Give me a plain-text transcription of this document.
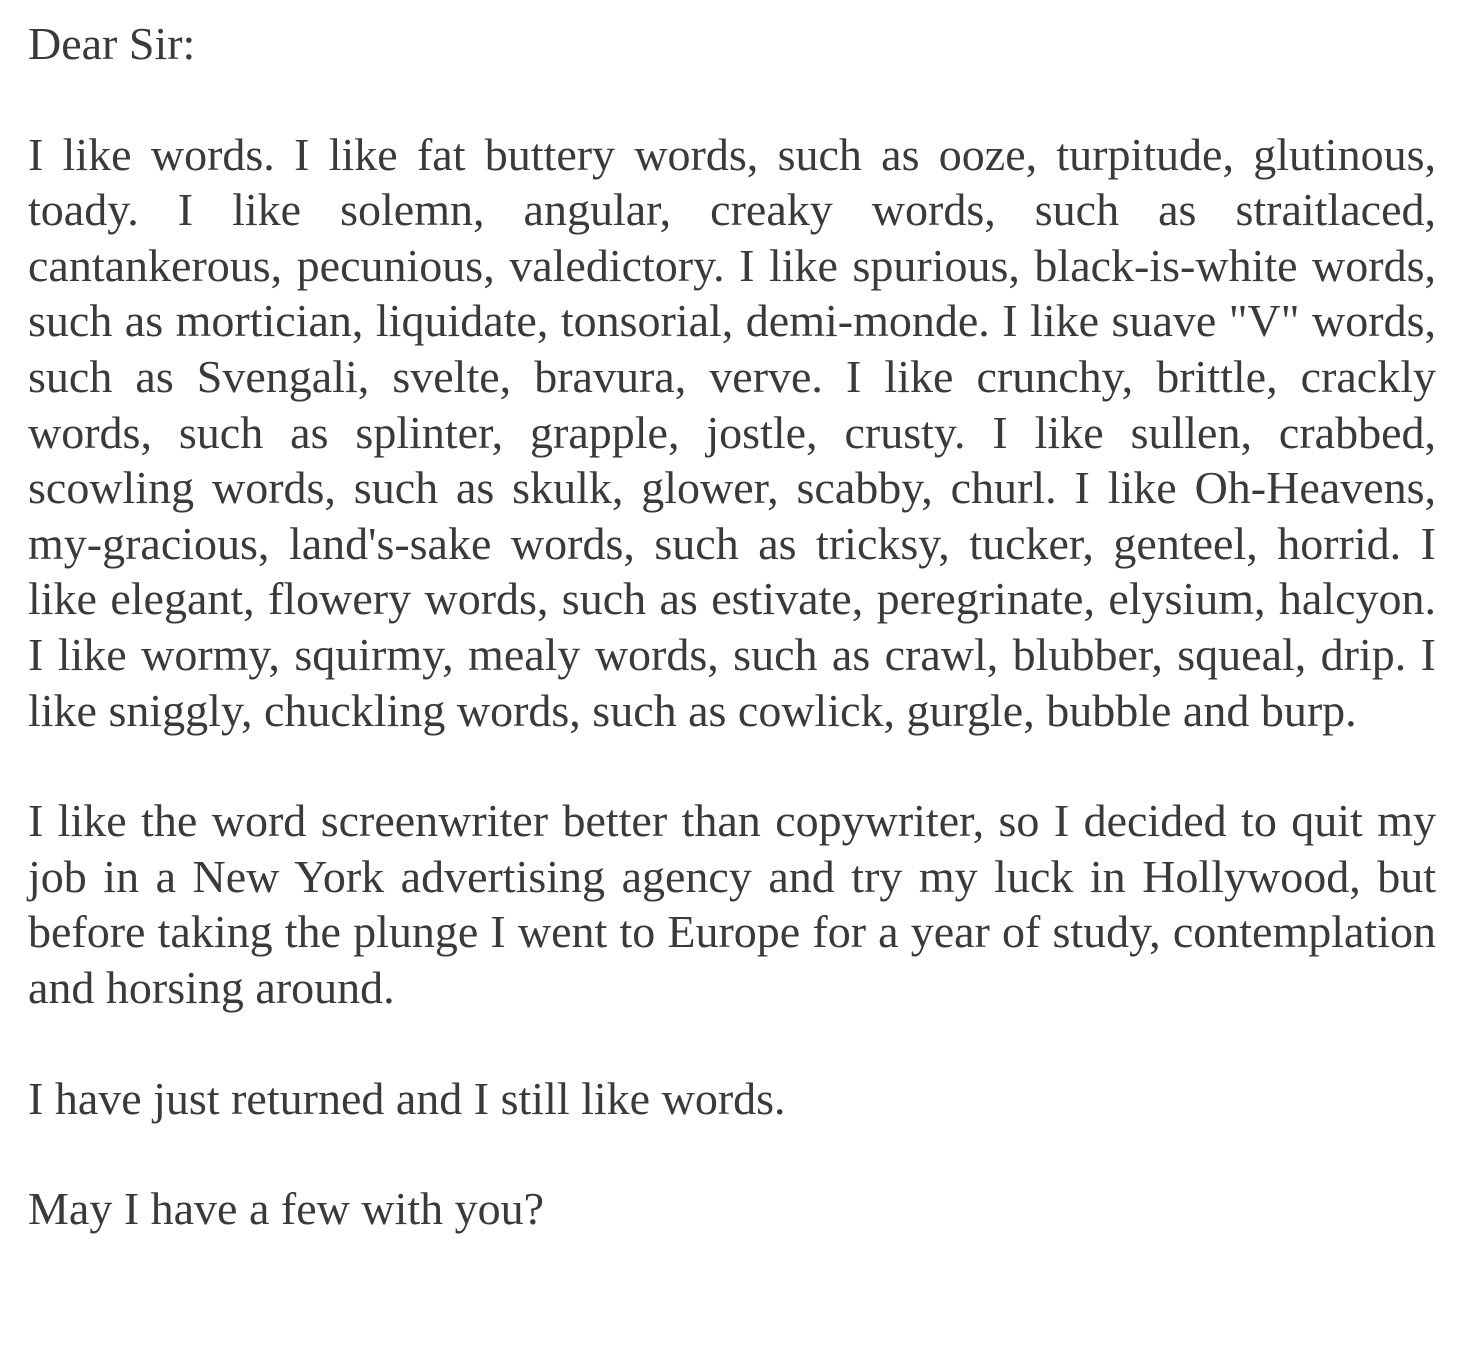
Dear Sir:

I like words. I like fat buttery words, such as ooze, turpitude, glutinous, toady. I like solemn, angular, creaky words, such as straitlaced, cantankerous, pecunious, valedictory. I like spurious, black-is-white words, such as mortician, liquidate, tonsorial, demi-monde. I like suave "V" words, such as Svengali, svelte, bravura, verve. I like crunchy, brittle, crackly words, such as splinter, grapple, jostle, crusty. I like sullen, crabbed, scowling words, such as skulk, glower, scabby, churl. I like Oh-Heavens, my-gracious, land's-sake words, such as tricksy, tucker, genteel, horrid. I like elegant, flowery words, such as estivate, peregrinate, elysium, halcyon. I like wormy, squirmy, mealy words, such as crawl, blubber, squeal, drip. I like sniggly, chuckling words, such as cowlick, gurgle, bubble and burp.

I like the word screenwriter better than copywriter, so I decided to quit my job in a New York advertising agency and try my luck in Hollywood, but before taking the plunge I went to Europe for a year of study, contemplation and horsing around.

I have just returned and I still like words.

May I have a few with you?
